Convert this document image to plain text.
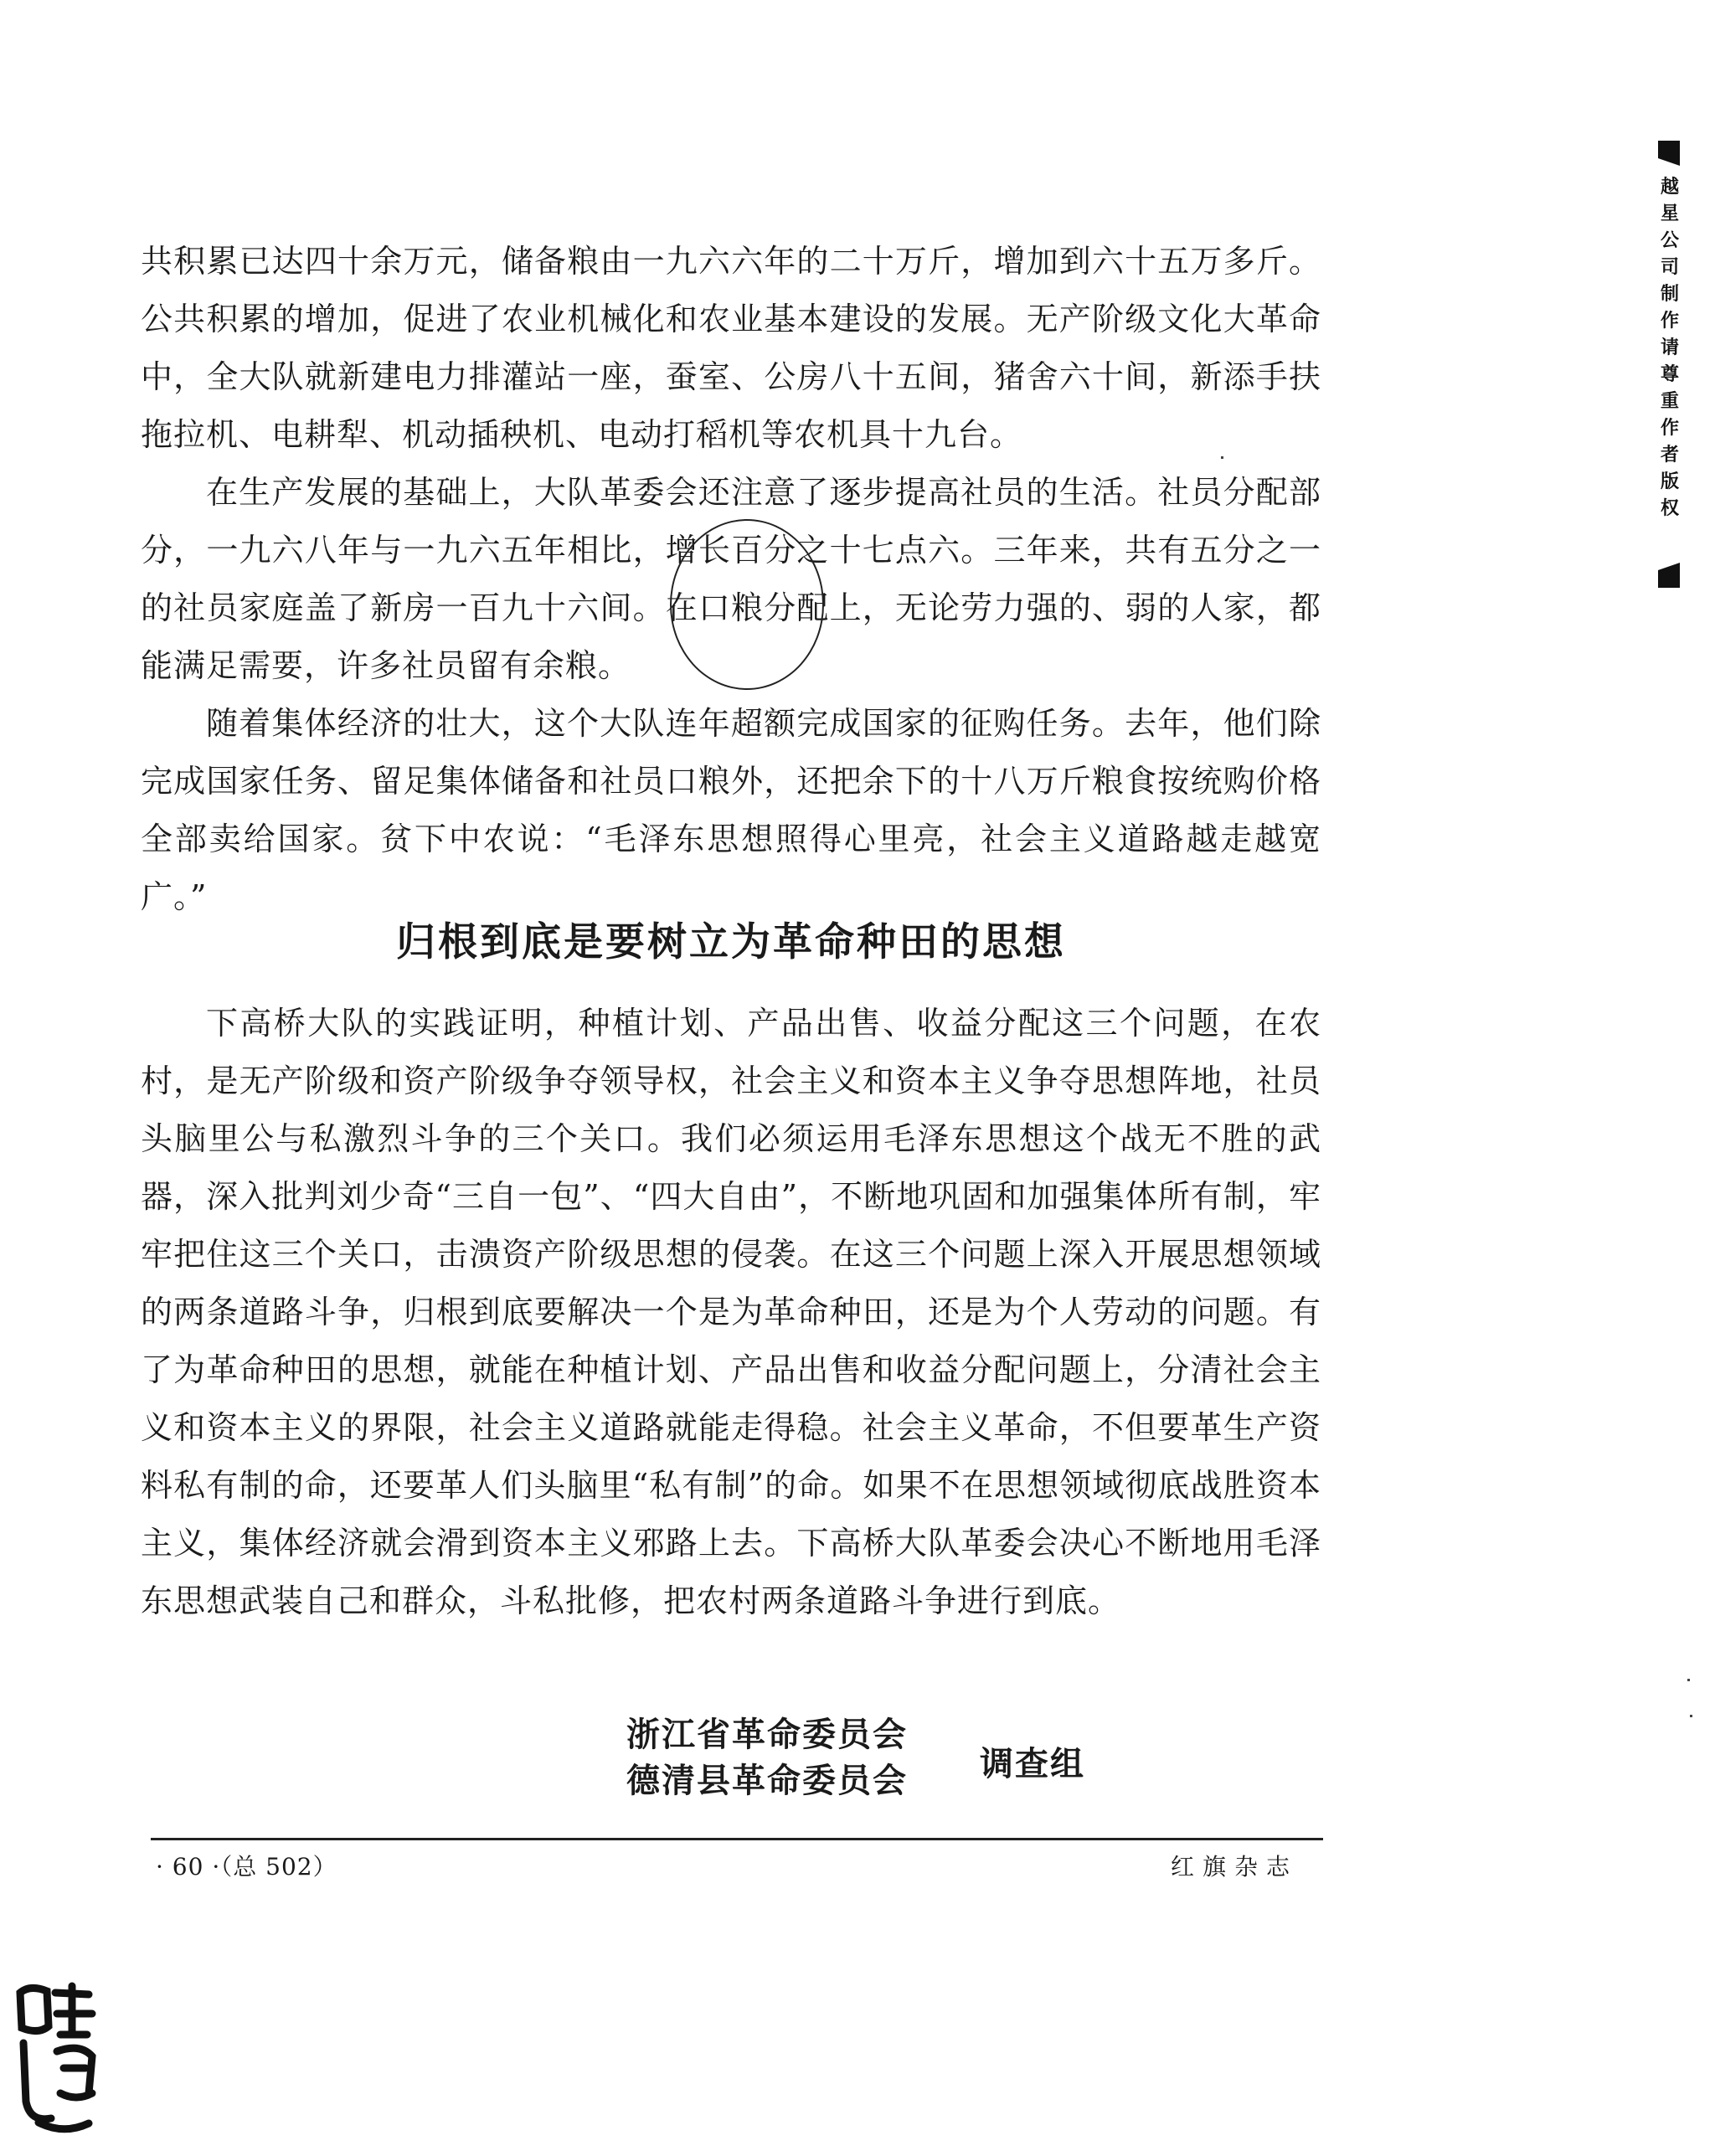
越星公司制作请尊重作者版权

共积累已达四十余万元，储备粮由一九六六年的二十万斤，增加到六十五万多斤。公共积累的增加，促进了农业机械化和农业基本建设的发展。无产阶级文化大革命中，全大队就新建电力排灌站一座，蚕室、公房八十五间，猪舍六十间，新添手扶拖拉机、电耕犁、机动插秧机、电动打稻机等农机具十九台。

在生产发展的基础上，大队革委会还注意了逐步提高社员的生活。社员分配部分，一九六八年与一九六五年相比，增长百分之十七点六。三年来，共有五分之一的社员家庭盖了新房一百九十六间。在口粮分配上，无论劳力强的、弱的人家，都能满足需要，许多社员留有余粮。

随着集体经济的壮大，这个大队连年超额完成国家的征购任务。去年，他们除完成国家任务、留足集体储备和社员口粮外，还把余下的十八万斤粮食按统购价格全部卖给国家。贫下中农说：“毛泽东思想照得心里亮，社会主义道路越走越宽广。”

归根到底是要树立为革命种田的思想

下高桥大队的实践证明，种植计划、产品出售、收益分配这三个问题，在农村，是无产阶级和资产阶级争夺领导权，社会主义和资本主义争夺思想阵地，社员头脑里公与私激烈斗争的三个关口。我们必须运用毛泽东思想这个战无不胜的武器，深入批判刘少奇“三自一包”、“四大自由”，不断地巩固和加强集体所有制，牢牢把住这三个关口，击溃资产阶级思想的侵袭。在这三个问题上深入开展思想领域的两条道路斗争，归根到底要解决一个是为革命种田，还是为个人劳动的问题。有了为革命种田的思想，就能在种植计划、产品出售和收益分配问题上，分清社会主义和资本主义的界限，社会主义道路就能走得稳。社会主义革命，不但要革生产资料私有制的命，还要革人们头脑里“私有制”的命。如果不在思想领域彻底战胜资本主义，集体经济就会滑到资本主义邪路上去。下高桥大队革委会决心不断地用毛泽东思想武装自己和群众，斗私批修，把农村两条道路斗争进行到底。

浙江省革命委员会
德清县革命委员会 调查组
· 60 ·（总 502）	红旗杂志
